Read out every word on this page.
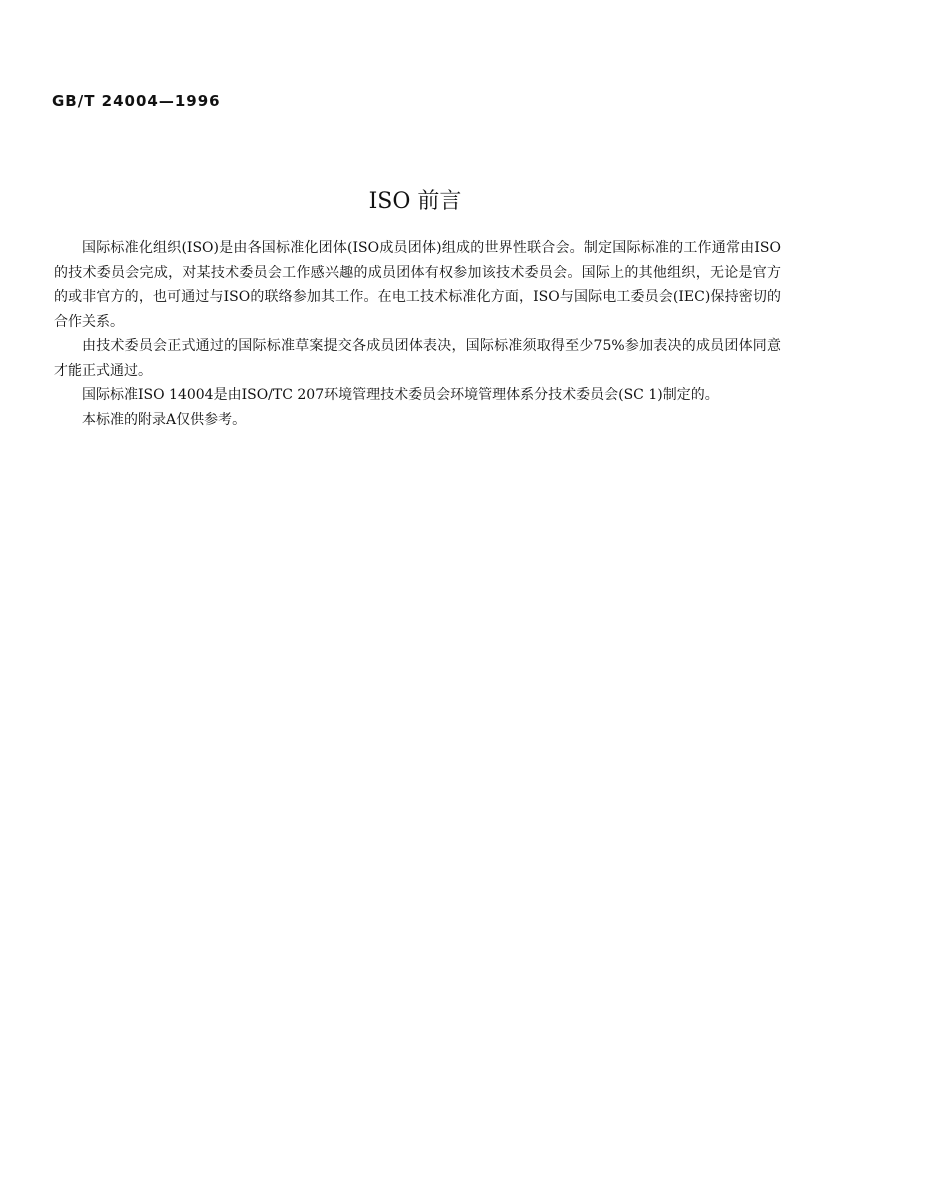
GB/T 24004—1996
ISO 前言

国际标准化组织(ISO)是由各国标准化团体(ISO成员团体)组成的世界性联合会。制定国际标准的工作通常由ISO的技术委员会完成，对某技术委员会工作感兴趣的成员团体有权参加该技术委员会。国际上的其他组织，无论是官方的或非官方的，也可通过与ISO的联络参加其工作。在电工技术标准化方面，ISO与国际电工委员会(IEC)保持密切的合作关系。

由技术委员会正式通过的国际标准草案提交各成员团体表决，国际标准须取得至少75%参加表决的成员团体同意才能正式通过。

国际标准ISO 14004是由ISO/TC 207环境管理技术委员会环境管理体系分技术委员会(SC 1)制定的。

本标准的附录A仅供参考。
